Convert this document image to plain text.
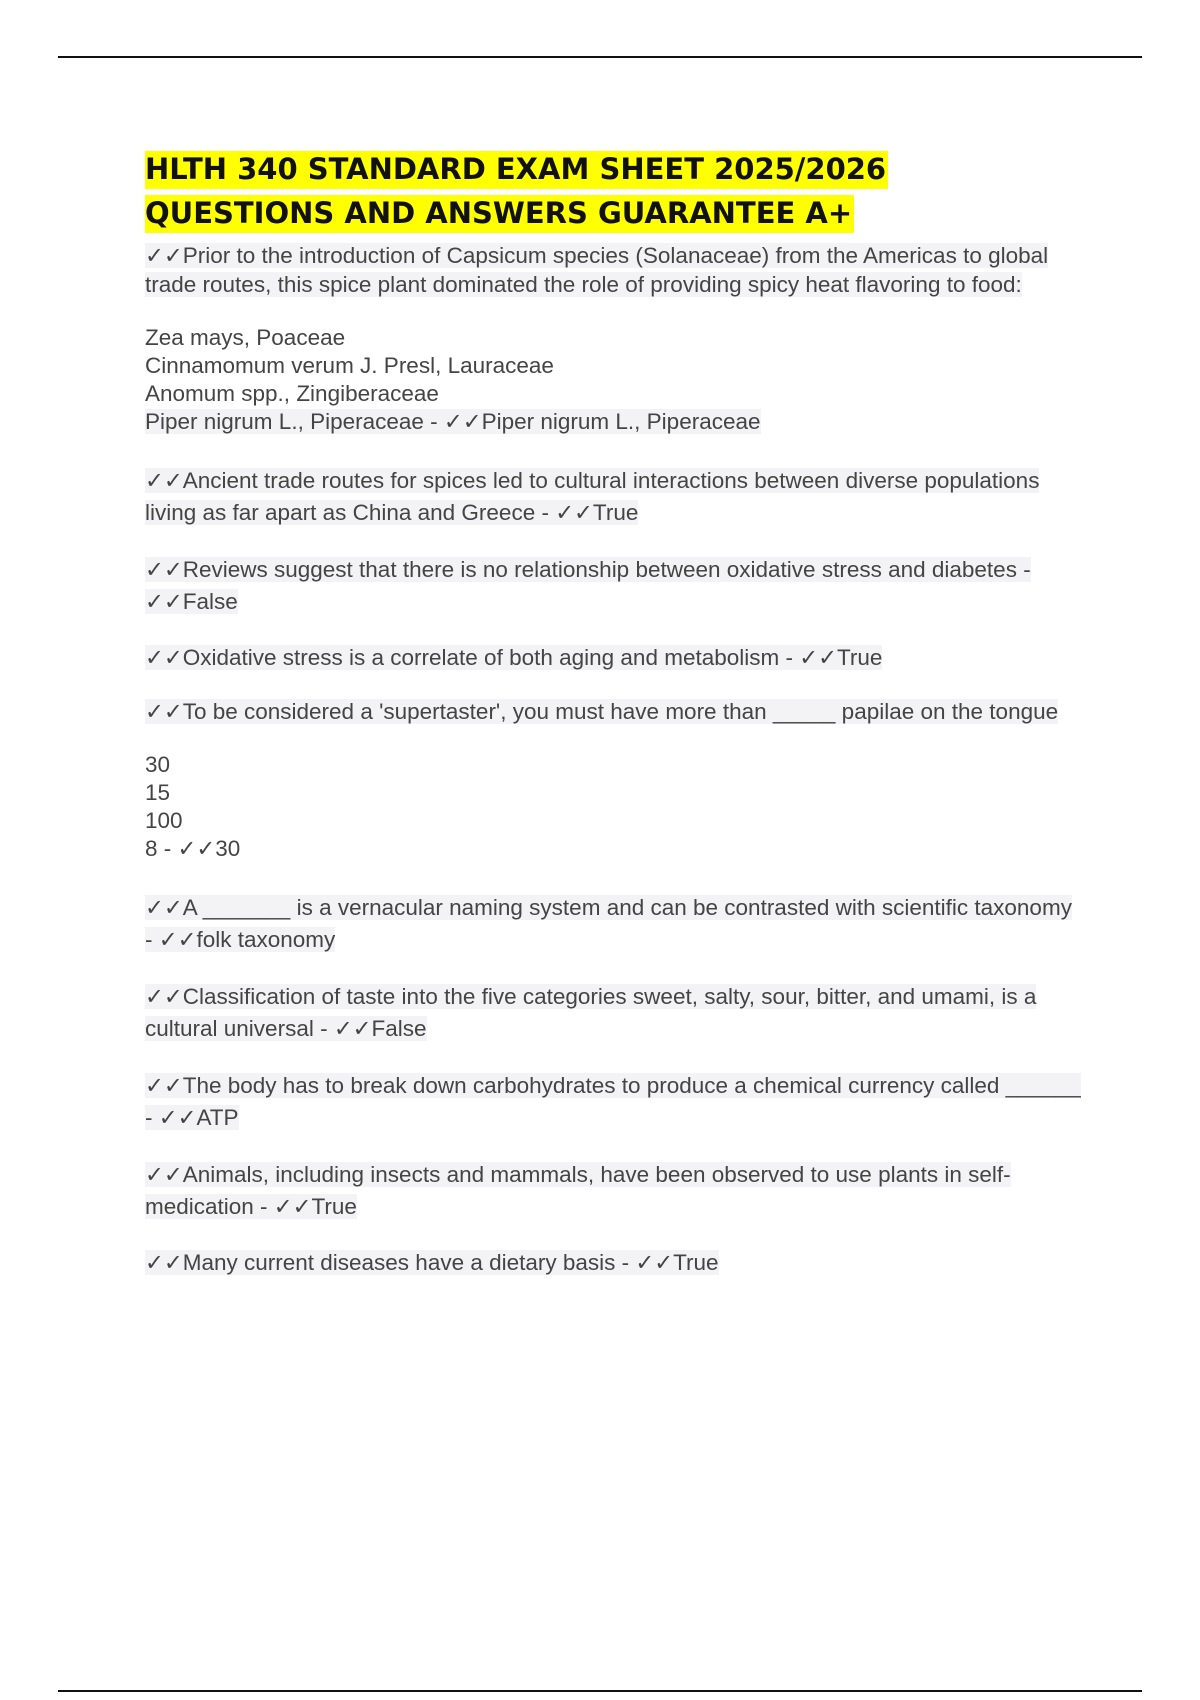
HLTH 340 STANDARD EXAM SHEET 2025/2026 QUESTIONS AND ANSWERS GUARANTEE A+

✓✓Prior to the introduction of Capsicum species (Solanaceae) from the Americas to global trade routes, this spice plant dominated the role of providing spicy heat flavoring to food:

Zea mays, Poaceae
Cinnamomum verum J. Presl, Lauraceae
Anomum spp., Zingiberaceae
Piper nigrum L., Piperaceae - ✓✓Piper nigrum L., Piperaceae

✓✓Ancient trade routes for spices led to cultural interactions between diverse populations living as far apart as China and Greece - ✓✓True

✓✓Reviews suggest that there is no relationship between oxidative stress and diabetes - ✓✓False

✓✓Oxidative stress is a correlate of both aging and metabolism - ✓✓True

✓✓To be considered a 'supertaster', you must have more than _____ papilae on the tongue

30
15
100
8 - ✓✓30

✓✓A _______ is a vernacular naming system and can be contrasted with scientific taxonomy - ✓✓folk taxonomy

✓✓Classification of taste into the five categories sweet, salty, sour, bitter, and umami, is a cultural universal - ✓✓False

✓✓The body has to break down carbohydrates to produce a chemical currency called ______ - ✓✓ATP

✓✓Animals, including insects and mammals, have been observed to use plants in self-medication - ✓✓True

✓✓Many current diseases have a dietary basis - ✓✓True
